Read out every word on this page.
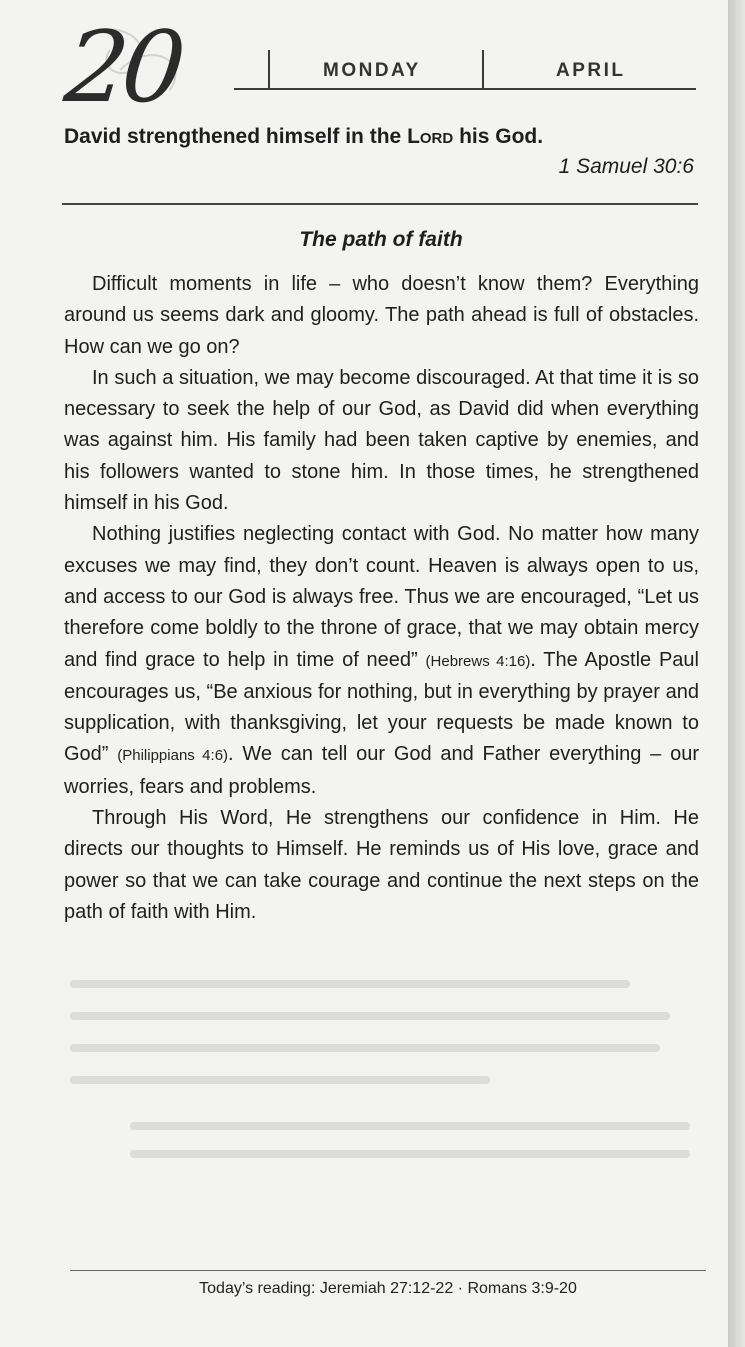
20	MONDAY	APRIL
David strengthened himself in the LORD his God.
1 Samuel 30:6
The path of faith

Difficult moments in life – who doesn’t know them? Everything around us seems dark and gloomy. The path ahead is full of obstacles. How can we go on?

In such a situation, we may become discouraged. At that time it is so necessary to seek the help of our God, as David did when everything was against him. His family had been taken captive by enemies, and his followers wanted to stone him. In those times, he strengthened himself in his God.

Nothing justifies neglecting contact with God. No matter how many excuses we may find, they don’t count. Heaven is always open to us, and access to our God is always free. Thus we are encouraged, “Let us therefore come boldly to the throne of grace, that we may obtain mercy and find grace to help in time of need” (Hebrews 4:16). The Apostle Paul encourages us, “Be anxious for nothing, but in everything by prayer and supplication, with thanksgiving, let your requests be made known to God” (Philippians 4:6). We can tell our God and Father everything – our worries, fears and problems.

Through His Word, He strengthens our confidence in Him. He directs our thoughts to Himself. He reminds us of His love, grace and power so that we can take courage and continue the next steps on the path of faith with Him.

Today’s reading: Jeremiah 27:12-22 · Romans 3:9-20
